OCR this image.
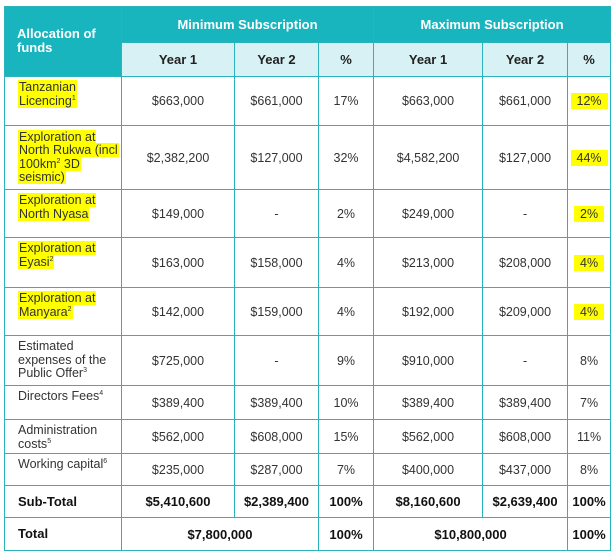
Allocation of funds	Minimum Subscription			Maximum Subscription		
	Year 1	Year 2	%	Year 1	Year 2	%
Tanzanian Licencing$^1$	$663,000	$661,000	17%	$663,000	$661,000	12%
Exploration at North Rukwa (incl $100km^2$ 3D seismic)	$2,382,200	$127,000	32%	$4,582,200	$127,000	44%
Exploration at North Nyasa	$149,000	-	2%	$249,000	-	2%
Exploration at Eyasi$^2$	$163,000	$158,000	4%	$213,000	$208,000	4%
Exploration at Manyara$^2$	$142,000	$159,000	4%	$192,000	$209,000	4%
Estimated expenses of the Public Offer$^3$	$725,000	-	9%	$910,000	-	8%
Directors Fees$^4$	$389,400	$389,400	10%	$389,400	$389,400	7%
Administration costs$^5$	$562,000	$608,000	15%	$562,000	$608,000	11%
Working capital$^6$	$235,000	$287,000	7%	$400,000	$437,000	8%
Sub-Total	$5,410,600	$2,389,400	100%	$8,160,600	$2,639,400	100%
Total	$7,800,000		100%	$10,800,000		100%
